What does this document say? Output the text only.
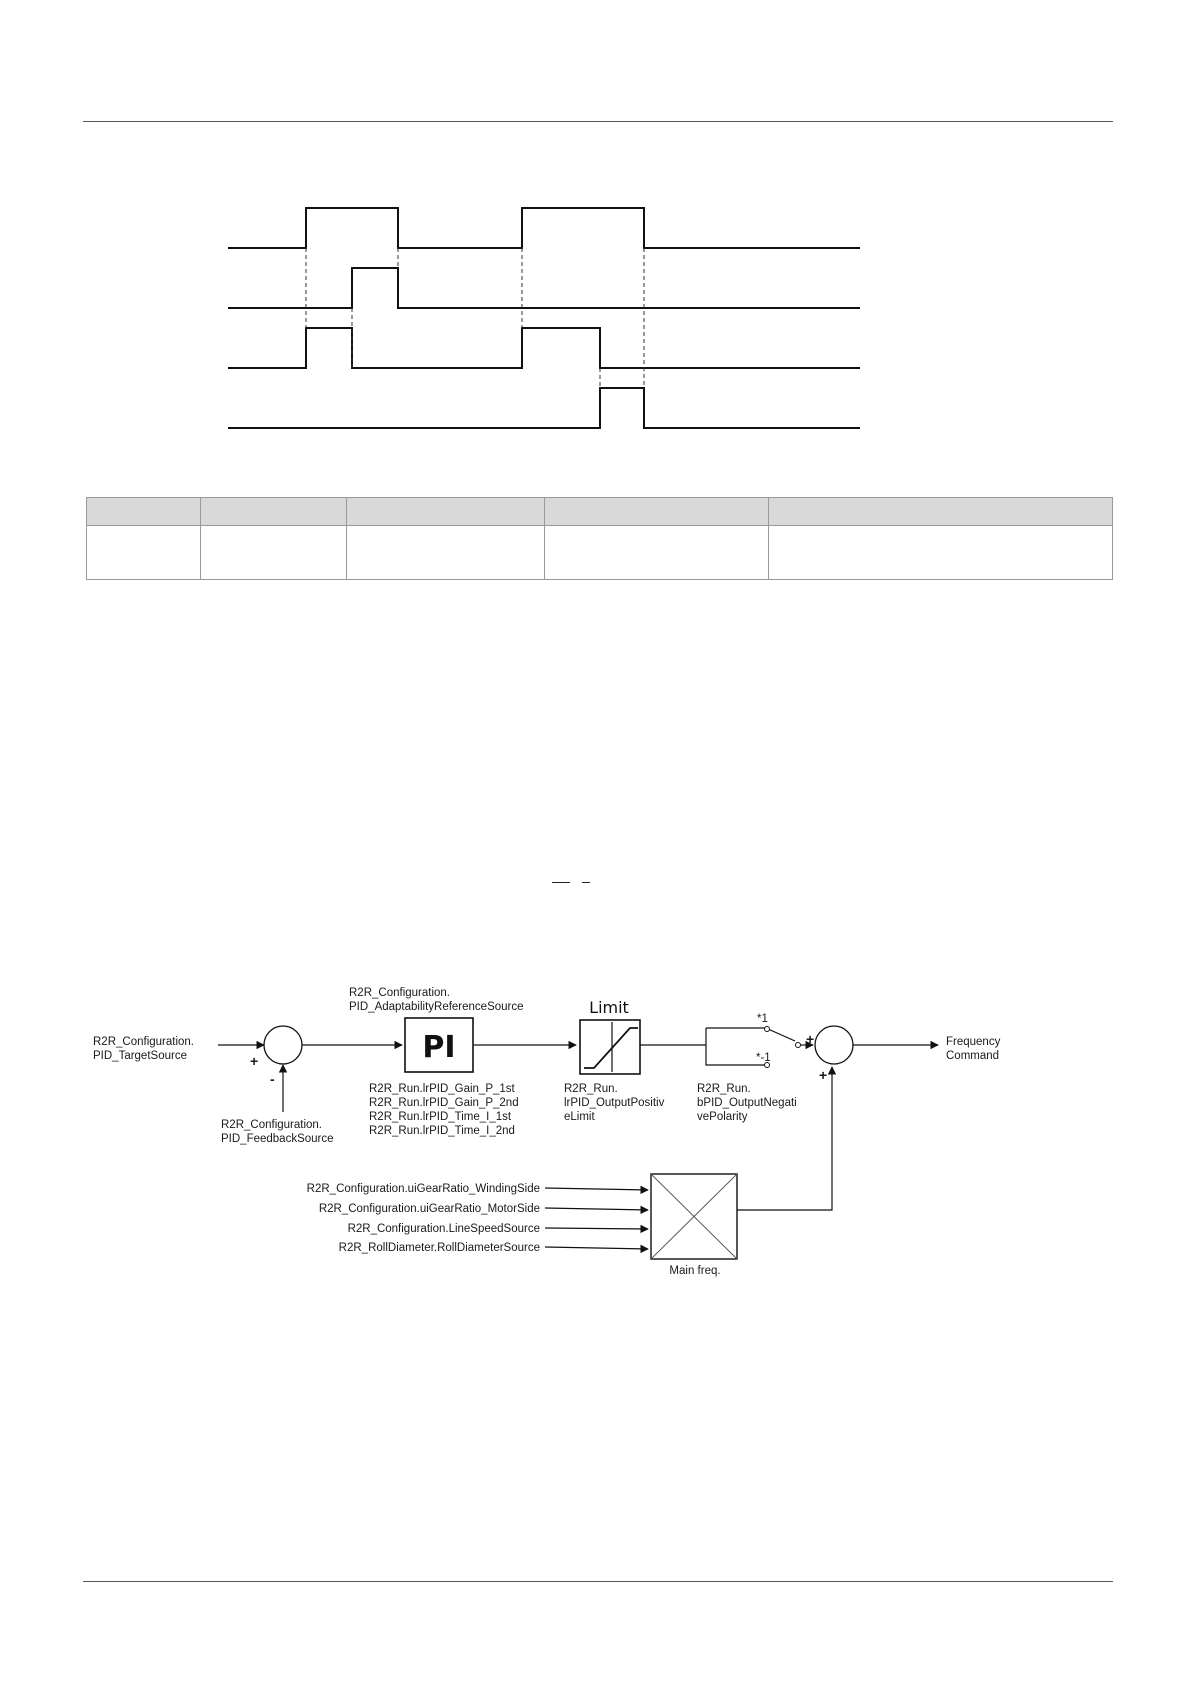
PI
Limit
Main freq.
+
-
+
+
*1
*-1
R2R_Configuration. PID_TargetSource
R2R_Configuration. PID_FeedbackSource
R2R_Configuration. PID_AdaptabilityReferenceSource
R2R_Run.lrPID_Gain_P_1st R2R_Run.lrPID_Gain_P_2nd R2R_Run.lrPID_Time_I_1st R2R_Run.lrPID_Time_I_2nd
R2R_Run. lrPID_OutputPositiv eLimit
R2R_Run. bPID_OutputNegati vePolarity
Frequency Command
R2R_Configuration.uiGearRatio_WindingSide
R2R_Configuration.uiGearRatio_MotorSide
R2R_Configuration.LineSpeedSource
R2R_RollDiameter.RollDiameterSource
